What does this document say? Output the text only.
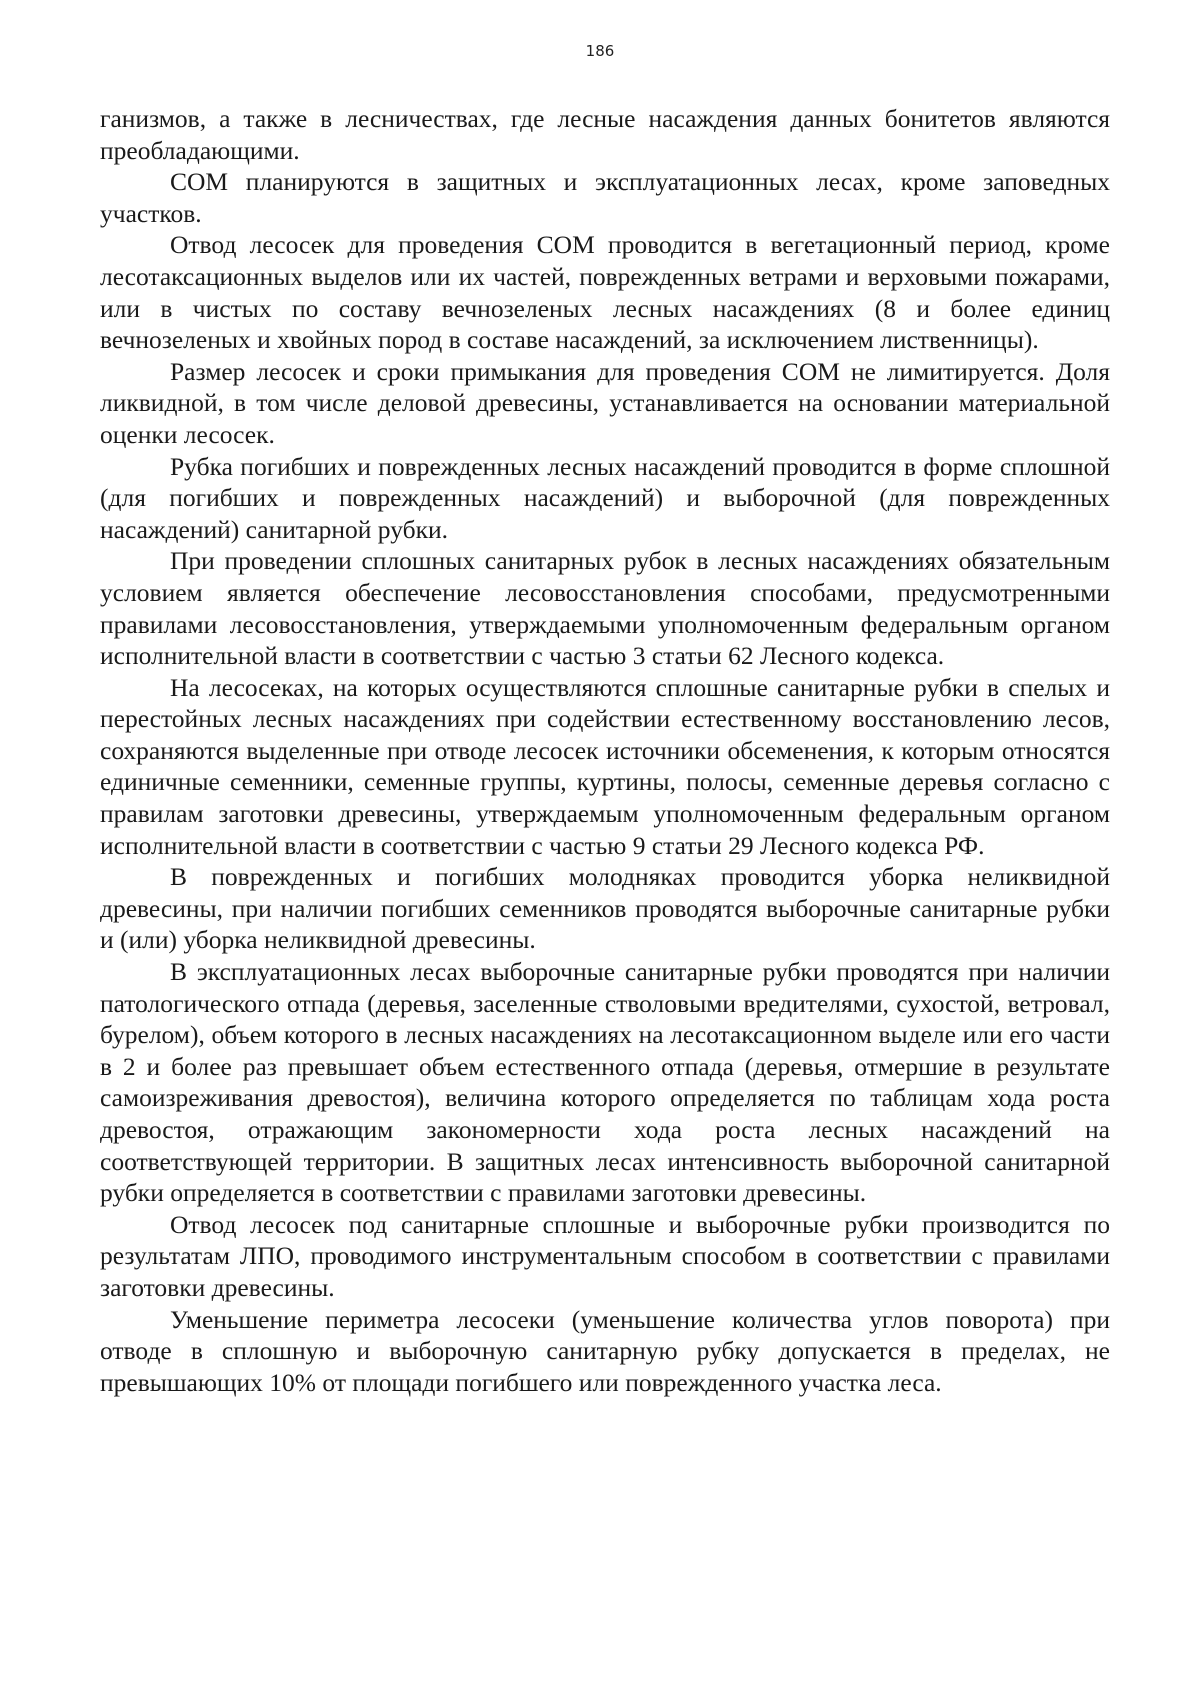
186

ганизмов, а также в лесничествах, где лесные насаждения данных бонитетов являются преобладающими.

СОМ планируются в защитных и эксплуатационных лесах, кроме заповедных участков.

Отвод лесосек для проведения СОМ проводится в вегетационный период, кроме лесотаксационных выделов или их частей, поврежденных ветрами и верховыми пожарами, или в чистых по составу вечнозеленых лесных насаждениях (8 и более единиц вечнозеленых и хвойных пород в составе насаждений, за исключением лиственницы).

Размер лесосек и сроки примыкания для проведения СОМ не лимитируется. Доля ликвидной, в том числе деловой древесины, устанавливается на основании материальной оценки лесосек.

Рубка погибших и поврежденных лесных насаждений проводится в форме сплошной (для погибших и поврежденных насаждений) и выборочной (для поврежденных насаждений) санитарной рубки.

При проведении сплошных санитарных рубок в лесных насаждениях обязательным условием является обеспечение лесовосстановления способами, предусмотренными правилами лесовосстановления, утверждаемыми уполномоченным федеральным органом исполнительной власти в соответствии с частью 3 статьи 62 Лесного кодекса.

На лесосеках, на которых осуществляются сплошные санитарные рубки в спелых и перестойных лесных насаждениях при содействии естественному восстановлению лесов, сохраняются выделенные при отводе лесосек источники обсеменения, к которым относятся единичные семенники, семенные группы, куртины, полосы, семенные деревья согласно с правилам заготовки древесины, утверждаемым уполномоченным федеральным органом исполнительной власти в соответствии с частью 9 статьи 29 Лесного кодекса РФ.

В поврежденных и погибших молодняках проводится уборка неликвидной древесины, при наличии погибших семенников проводятся выборочные санитарные рубки и (или) уборка неликвидной древесины.

В эксплуатационных лесах выборочные санитарные рубки проводятся при наличии патологического отпада (деревья, заселенные стволовыми вредителями, сухостой, ветровал, бурелом), объем которого в лесных насаждениях на лесотаксационном выделе или его части в 2 и более раз превышает объем естественного отпада (деревья, отмершие в результате самоизреживания древостоя), величина которого определяется по таблицам хода роста древостоя, отражающим закономерности хода роста лесных насаждений на соответствующей территории. В защитных лесах интенсивность выборочной санитарной рубки определяется в соответствии с правилами заготовки древесины.

Отвод лесосек под санитарные сплошные и выборочные рубки производится по результатам ЛПО, проводимого инструментальным способом в соответствии с правилами заготовки древесины.

Уменьшение периметра лесосеки (уменьшение количества углов поворота) при отводе в сплошную и выборочную санитарную рубку допускается в пределах, не превышающих 10% от площади погибшего или поврежденного участка леса.
